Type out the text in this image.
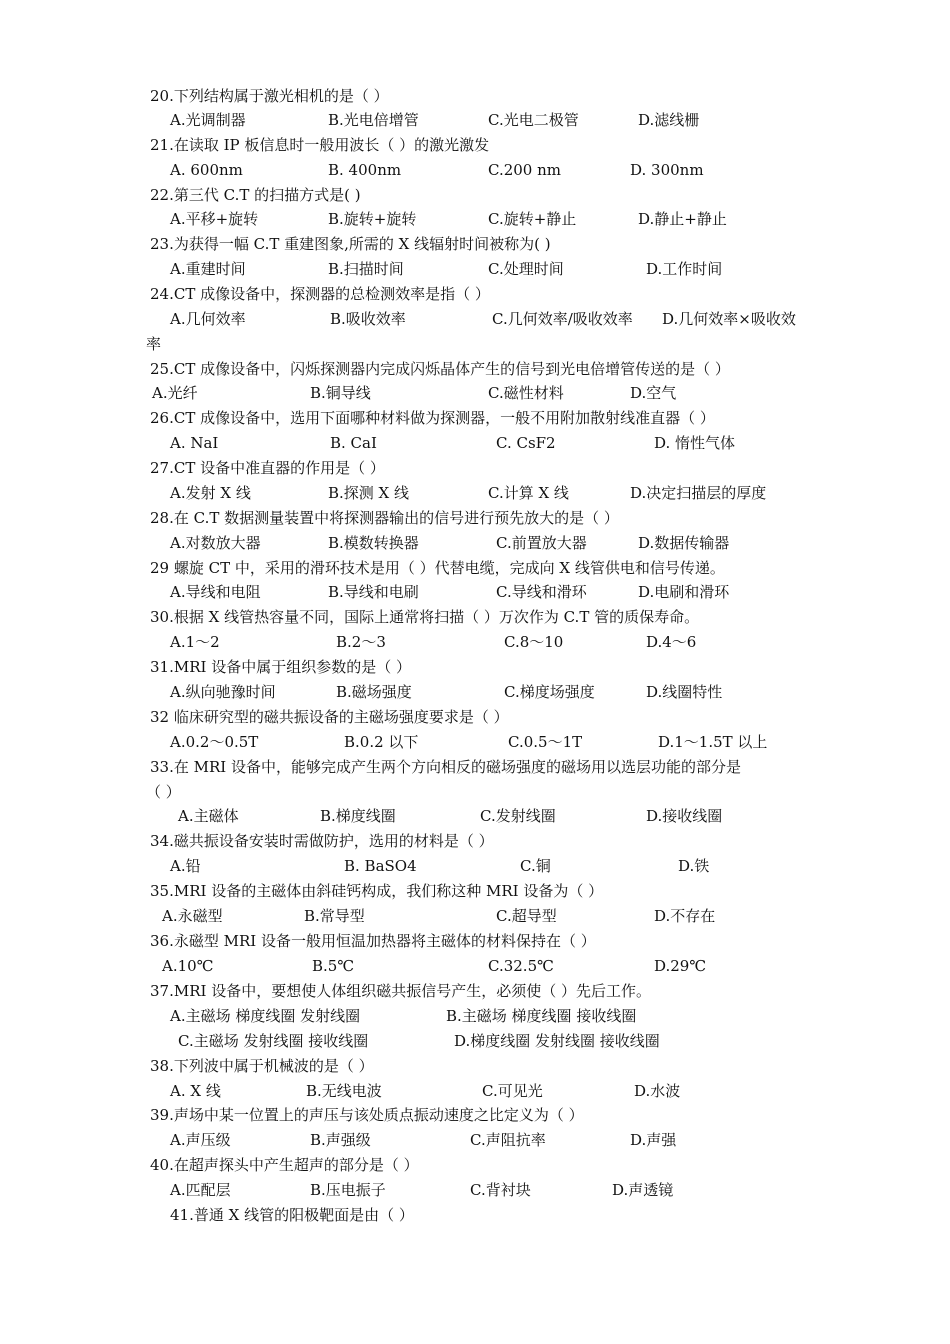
20.下列结构属于激光相机的是（ ）
A.光调制器	B.光电倍增管	C.光电二极管	D.滤线栅
21.在读取 IP 板信息时一般用波长（ ）的激光激发
A. 600nm	B. 400nm	C.200 nm	D. 300nm
22.第三代 C.T 的扫描方式是( )
A.平移+旋转	B.旋转+旋转	C.旋转+静止	D.静止+静止
23.为获得一幅 C.T 重建图象,所需的 X 线辐射时间被称为( )
A.重建时间	B.扫描时间	C.处理时间	D.工作时间
24.CT 成像设备中，探测器的总检测效率是指（ ）
A.几何效率	B.吸收效率	C.几何效率/吸收效率 D.几何效率×吸收效
率
25.CT 成像设备中，闪烁探测器内完成闪烁晶体产生的信号到光电倍增管传送的是（ ）
A.光纤	B.铜导线	C.磁性材料	D.空气
26.CT 成像设备中，选用下面哪种材料做为探测器，一般不用附加散射线准直器（ ）
A. NaI	B. CaI	C. CsF2	D. 惰性气体
27.CT 设备中准直器的作用是（ ）
A.发射 X 线	B.探测 X 线	C.计算 X 线	D.决定扫描层的厚度
28.在 C.T 数据测量装置中将探测器输出的信号进行预先放大的是（ ）
A.对数放大器	B.模数转换器	C.前置放大器	D.数据传输器
29 螺旋 CT 中，采用的滑环技术是用（ ）代替电缆，完成向 X 线管供电和信号传递。
A.导线和电阻	B.导线和电刷	C.导线和滑环	D.电刷和滑环
30.根据 X 线管热容量不同，国际上通常将扫描（ ）万次作为 C.T 管的质保寿命。
A.1～2	B.2～3	C.8～10	D.4～6
31.MRI 设备中属于组织参数的是（ ）
A.纵向驰豫时间	B.磁场强度	C.梯度场强度	D.线圈特性
32 临床研究型的磁共振设备的主磁场强度要求是（ ）
A.0.2～0.5T	B.0.2 以下	C.0.5～1T	D.1～1.5T 以上
33.在 MRI 设备中，能够完成产生两个方向相反的磁场强度的磁场用以选层功能的部分是
（ ）
A.主磁体	B.梯度线圈	C.发射线圈	D.接收线圈
34.磁共振设备安装时需做防护，选用的材料是（ ）
A.铅	B. BaSO4	C.铜	D.铁
35.MRI 设备的主磁体由斜硅钙构成，我们称这种 MRI 设备为（ ）
A.永磁型	B.常导型	C.超导型	D.不存在
36.永磁型 MRI 设备一般用恒温加热器将主磁体的材料保持在（ ）
A.10℃	B.5℃	C.32.5℃	D.29℃
37.MRI 设备中，要想使人体组织磁共振信号产生，必须使（ ）先后工作。
A.主磁场 梯度线圈 发射线圈	B.主磁场 梯度线圈 接收线圈
C.主磁场 发射线圈 接收线圈	D.梯度线圈 发射线圈 接收线圈
38.下列波中属于机械波的是（ ）
A. X 线	B.无线电波	C.可见光	D.水波
39.声场中某一位置上的声压与该处质点振动速度之比定义为（ ）
A.声压级	B.声强级	C.声阻抗率	D.声强
40.在超声探头中产生超声的部分是（ ）
A.匹配层	B.压电振子	C.背衬块	D.声透镜
41.普通 X 线管的阳极靶面是由（ ）
